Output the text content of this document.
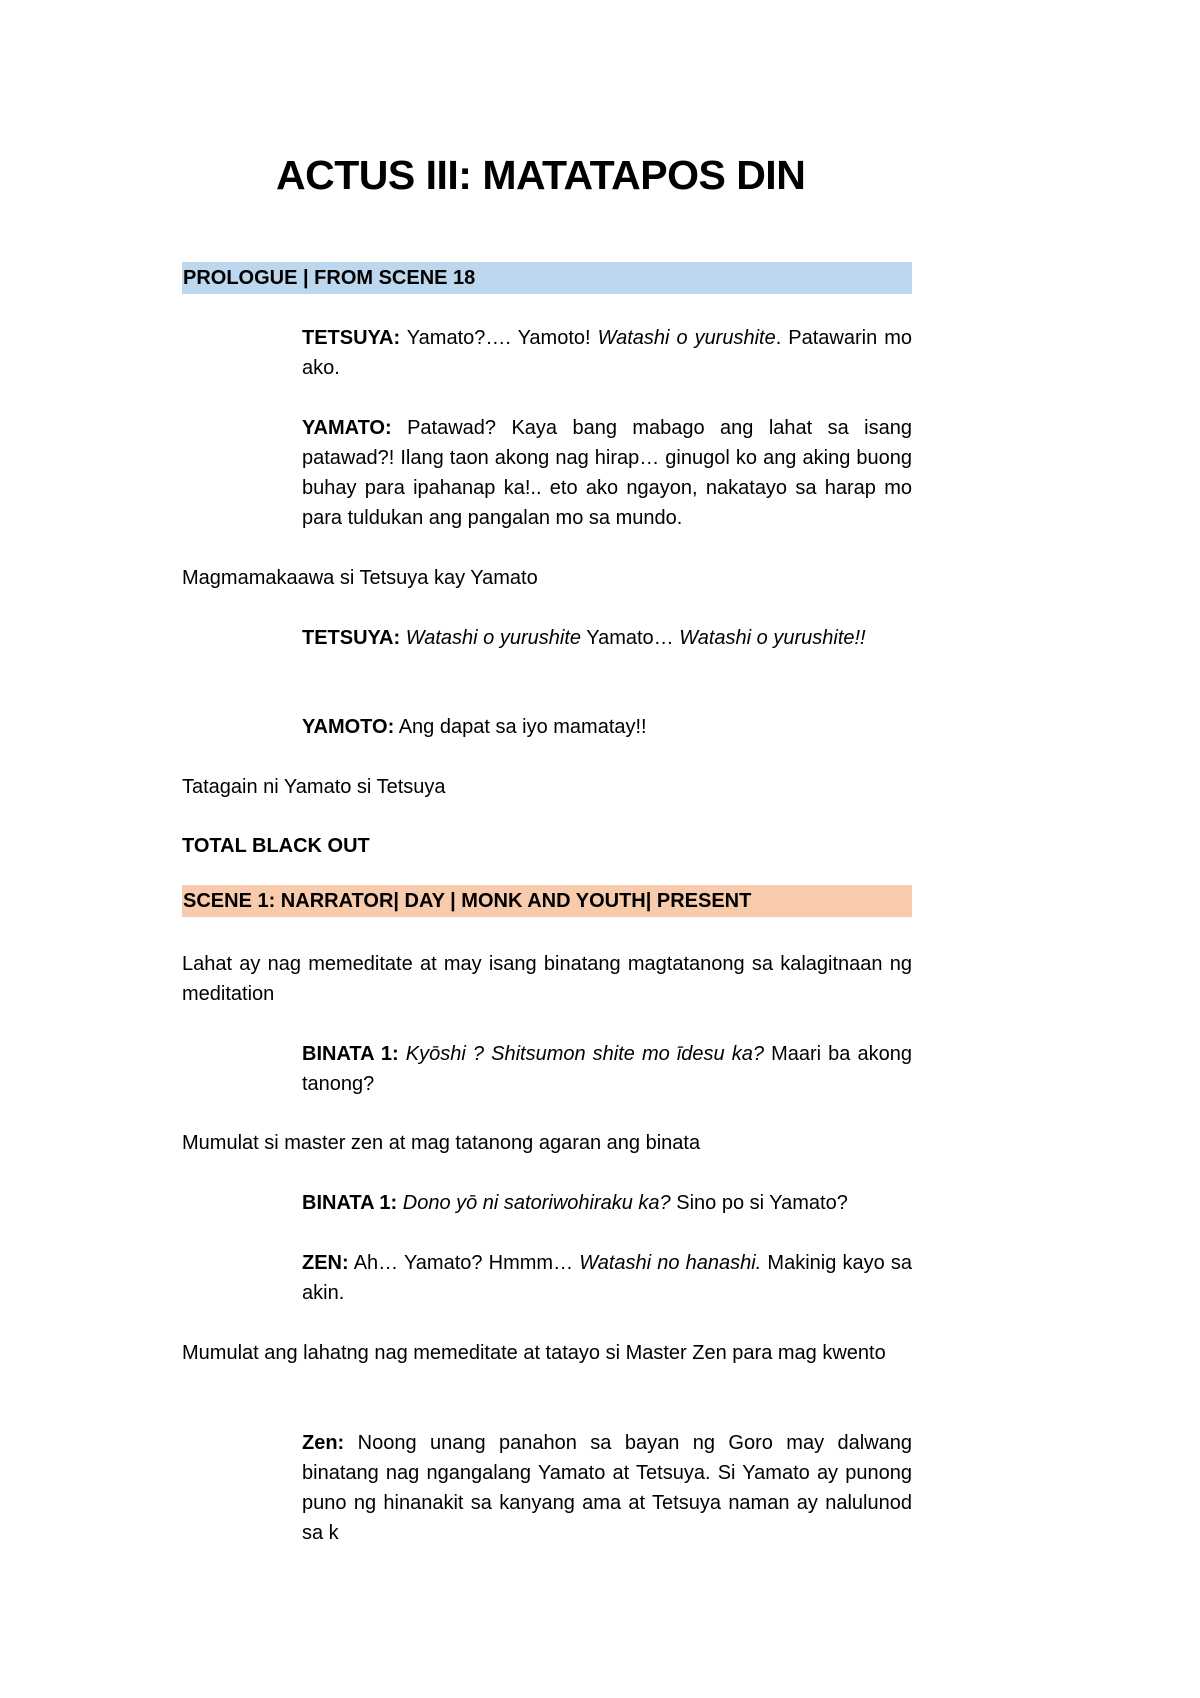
ACTUS III: MATATAPOS DIN
PROLOGUE | FROM SCENE 18

TETSUYA: Yamato?…. Yamoto! Watashi o yurushite. Patawarin mo ako.

YAMATO: Patawad? Kaya bang mabago ang lahat sa isang patawad?! Ilang taon akong nag hirap… ginugol ko ang aking buong buhay para ipahanap ka!.. eto ako ngayon, nakatayo sa harap mo para tuldukan ang pangalan mo sa mundo.

Magmamakaawa si Tetsuya kay Yamato

TETSUYA: Watashi o yurushite Yamato… Watashi o yurushite!!

YAMOTO: Ang dapat sa iyo mamatay!!

Tatagain ni Yamato si Tetsuya

TOTAL BLACK OUT

SCENE 1: NARRATOR| DAY | MONK AND YOUTH| PRESENT

Lahat ay nag memeditate at may isang binatang magtatanong sa kalagitnaan ng meditation

BINATA 1: Kyōshi ? Shitsumon shite mo īdesu ka? Maari ba akong tanong?

Mumulat si master zen at mag tatanong agaran ang binata

BINATA 1: Dono yō ni satoriwohiraku ka? Sino po si Yamato?

ZEN: Ah… Yamato? Hmmm… Watashi no hanashi. Makinig kayo sa akin.

Mumulat ang lahatng nag memeditate at tatayo si Master Zen para mag kwento

Zen: Noong unang panahon sa bayan ng Goro may dalwang binatang nag ngangalang Yamato at Tetsuya. Si Yamato ay punong puno ng hinanakit sa kanyang ama at Tetsuya naman ay nalulunod sa k
